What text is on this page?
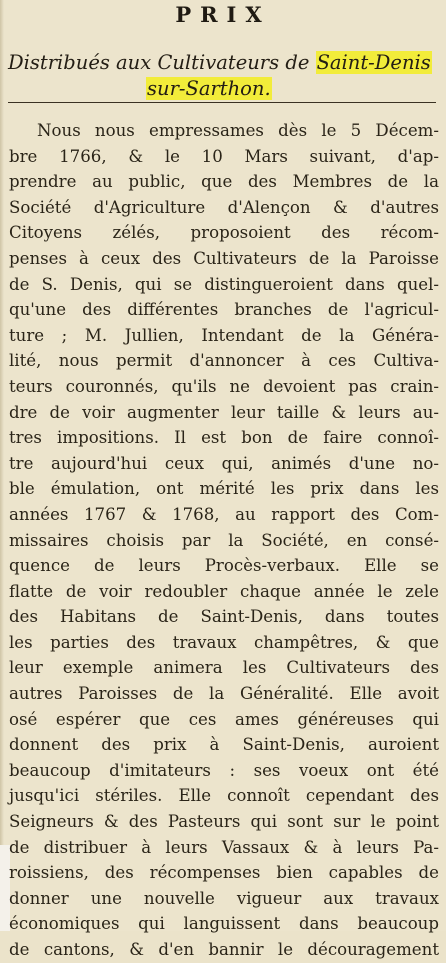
PRIX
Distribués aux Cultivateurs de Saint-Denis
sur-Sarthon.
Nous nous empressames dès le 5 Décem-
bre 1766, & le 10 Mars suivant, d'ap-
prendre au public, que des Membres de la
Société d'Agriculture d'Alençon & d'autres
Citoyens zélés, proposoient des récom-
penses à ceux des Cultivateurs de la Paroisse
de S. Denis, qui se distingueroient dans quel-
qu'une des différentes branches de l'agricul-
ture ; M. Jullien, Intendant de la Généra-
lité, nous permit d'annoncer à ces Cultiva-
teurs couronnés, qu'ils ne devoient pas crain-
dre de voir augmenter leur taille & leurs au-
tres impositions. Il est bon de faire connoî-
tre aujourd'hui ceux qui, animés d'une no-
ble émulation, ont mérité les prix dans les
années 1767 & 1768, au rapport des Com-
missaires choisis par la Société, en consé-
quence de leurs Procès-verbaux. Elle se
flatte de voir redoubler chaque année le zele
des Habitans de Saint-Denis, dans toutes
les parties des travaux champêtres, & que
leur exemple animera les Cultivateurs des
autres Paroisses de la Généralité. Elle avoit
osé espérer que ces ames généreuses qui
donnent des prix à Saint-Denis, auroient
beaucoup d'imitateurs : ses voeux ont été
jusqu'ici stériles. Elle connoît cependant des
Seigneurs & des Pasteurs qui sont sur le point
de distribuer à leurs Vassaux & à leurs Pa-
roissiens, des récompenses bien capables de
donner une nouvelle vigueur aux travaux
économiques qui languissent dans beaucoup
de cantons, & d'en bannir le découragement
